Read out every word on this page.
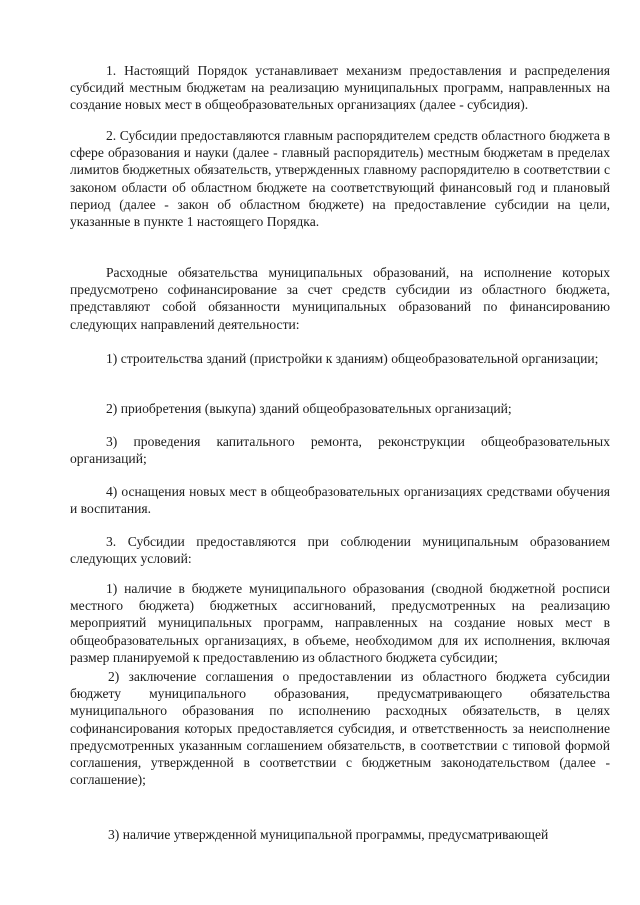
1. Настоящий Порядок устанавливает механизм предоставления и распределения субсидий местным бюджетам на реализацию муниципальных программ, направленных на создание новых мест в общеобразовательных организациях (далее - субсидия).

2. Субсидии предоставляются главным распорядителем средств областного бюджета в сфере образования и науки (далее - главный распорядитель) местным бюджетам в пределах лимитов бюджетных обязательств, утвержденных главному распорядителю в соответствии с законом области об областном бюджете на соответствующий финансовый год и плановый период (далее - закон об областном бюджете) на предоставление субсидии на цели, указанные в пункте 1 настоящего Порядка.

Расходные обязательства муниципальных образований, на исполнение которых предусмотрено софинансирование за счет средств субсидии из областного бюджета, представляют собой обязанности муниципальных образований по финансированию следующих направлений деятельности:

1) строительства зданий (пристройки к зданиям) общеобразовательной организации;

2) приобретения (выкупа) зданий общеобразовательных организаций;

3) проведения капитального ремонта, реконструкции общеобразовательных организаций;

4) оснащения новых мест в общеобразовательных организациях средствами обучения и воспитания.

3. Субсидии предоставляются при соблюдении муниципальным образованием следующих условий:

1) наличие в бюджете муниципального образования (сводной бюджетной росписи местного бюджета) бюджетных ассигнований, предусмотренных на реализацию мероприятий муниципальных программ, направленных на создание новых мест в общеобразовательных организациях, в объеме, необходимом для их исполнения, включая размер планируемой к предоставлению из областного бюджета субсидии;

2) заключение соглашения о предоставлении из областного бюджета субсидии бюджету муниципального образования, предусматривающего обязательства муниципального образования по исполнению расходных обязательств, в целях софинансирования которых предоставляется субсидия, и ответственность за неисполнение предусмотренных указанным соглашением обязательств, в соответствии с типовой формой соглашения, утвержденной в соответствии с бюджетным законодательством (далее - соглашение);

3) наличие утвержденной муниципальной программы, предусматривающей
